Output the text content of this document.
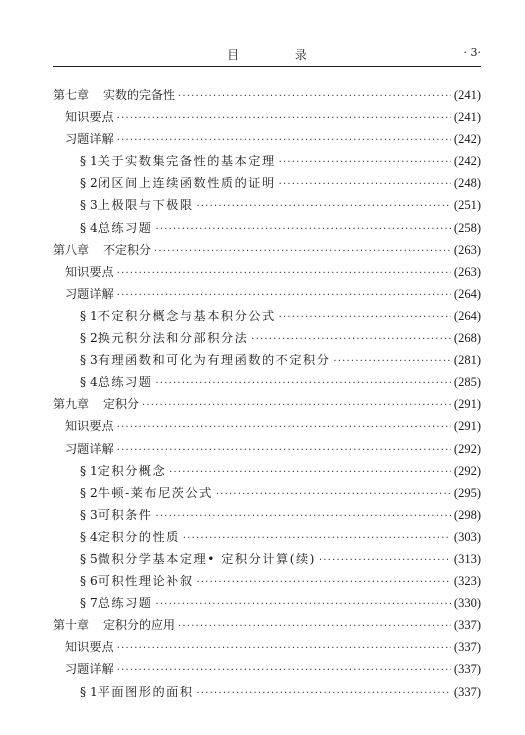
目 录	· 3·
第七章 实数的完备性 ·····	(241)
知识要点 ·····	(241)
习题详解 ·····	(242)
§ 1 关于实数集完备性的基本定理 ·····	(242)
§ 2 闭区间上连续函数性质的证明 ·····	(248)
§ 3 上极限与下极限 ·····	(251)
§ 4 总练习题 ·····	(258)
第八章 不定积分 ·····	(263)
知识要点 ·····	(263)
习题详解 ·····	(264)
§ 1 不定积分概念与基本积分公式 ·····	(264)
§ 2 换元积分法和分部积分法 ·····	(268)
§ 3 有理函数和可化为有理函数的不定积分 ·····	(281)
§ 4 总练习题 ·····	(285)
第九章 定积分 ·····	(291)
知识要点 ·····	(291)
习题详解 ·····	(292)
§ 1 定积分概念 ·····	(292)
§ 2 牛顿-莱布尼茨公式 ·····	(295)
§ 3 可积条件 ·····	(298)
§ 4 定积分的性质 ·····	(303)
§ 5 微积分学基本定理• 定积分计算(续) ·····	(313)
§ 6 可积性理论补叙 ·····	(323)
§ 7 总练习题 ·····	(330)
第十章 定积分的应用 ·····	(337)
知识要点 ·····	(337)
习题详解 ·····	(337)
§ 1 平面图形的面积 ·····	(337)
